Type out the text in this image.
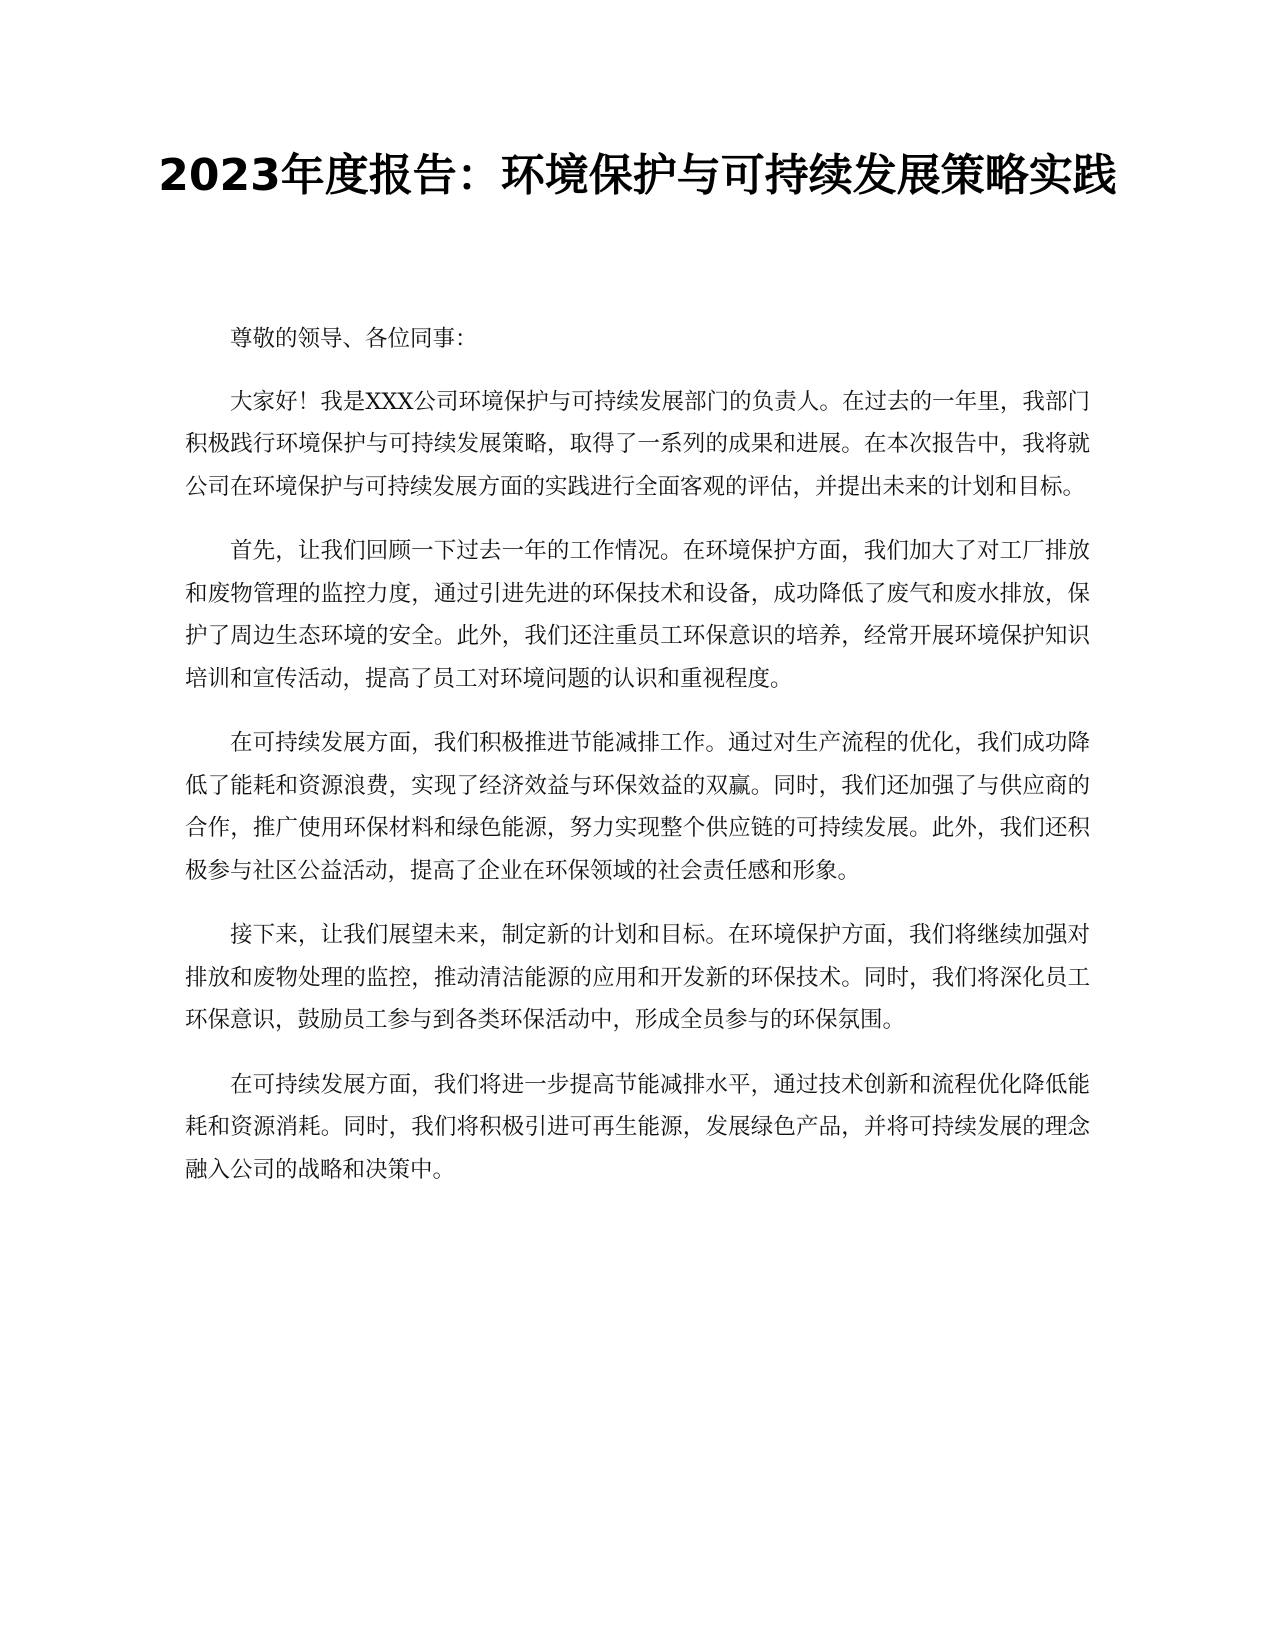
2023年度报告：环境保护与可持续发展策略实践

尊敬的领导、各位同事：

大家好！我是XXX公司环境保护与可持续发展部门的负责人。在过去的一年里，我部门积极践行环境保护与可持续发展策略，取得了一系列的成果和进展。在本次报告中，我将就公司在环境保护与可持续发展方面的实践进行全面客观的评估，并提出未来的计划和目标。

首先，让我们回顾一下过去一年的工作情况。在环境保护方面，我们加大了对工厂排放和废物管理的监控力度，通过引进先进的环保技术和设备，成功降低了废气和废水排放，保护了周边生态环境的安全。此外，我们还注重员工环保意识的培养，经常开展环境保护知识培训和宣传活动，提高了员工对环境问题的认识和重视程度。

在可持续发展方面，我们积极推进节能减排工作。通过对生产流程的优化，我们成功降低了能耗和资源浪费，实现了经济效益与环保效益的双赢。同时，我们还加强了与供应商的合作，推广使用环保材料和绿色能源，努力实现整个供应链的可持续发展。此外，我们还积极参与社区公益活动，提高了企业在环保领域的社会责任感和形象。

接下来，让我们展望未来，制定新的计划和目标。在环境保护方面，我们将继续加强对排放和废物处理的监控，推动清洁能源的应用和开发新的环保技术。同时，我们将深化员工环保意识，鼓励员工参与到各类环保活动中，形成全员参与的环保氛围。

在可持续发展方面，我们将进一步提高节能减排水平，通过技术创新和流程优化降低能耗和资源消耗。同时，我们将积极引进可再生能源，发展绿色产品，并将可持续发展的理念融入公司的战略和决策中。
